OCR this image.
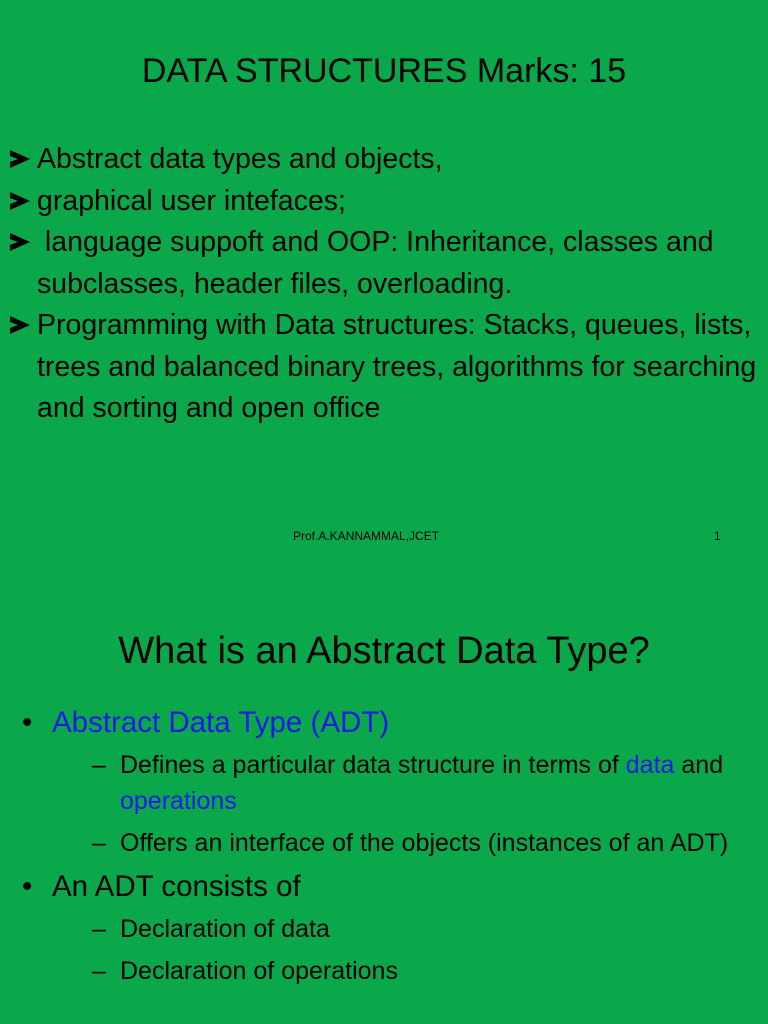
DATA STRUCTURES Marks: 15
Abstract data types and objects,
graphical user intefaces;
language suppoft and OOP: Inheritance, classes and subclasses, header files, overloading.
Programming with Data structures: Stacks, queues, lists, trees and balanced binary trees, algorithms for searching and sorting and open office
Prof.A.KANNAMMAL,JCET	1
What is an Abstract Data Type?
• Abstract Data Type (ADT)
– Defines a particular data structure in terms of data and operations
– Offers an interface of the objects (instances of an ADT)
• An ADT consists of
– Declaration of data
– Declaration of operations
